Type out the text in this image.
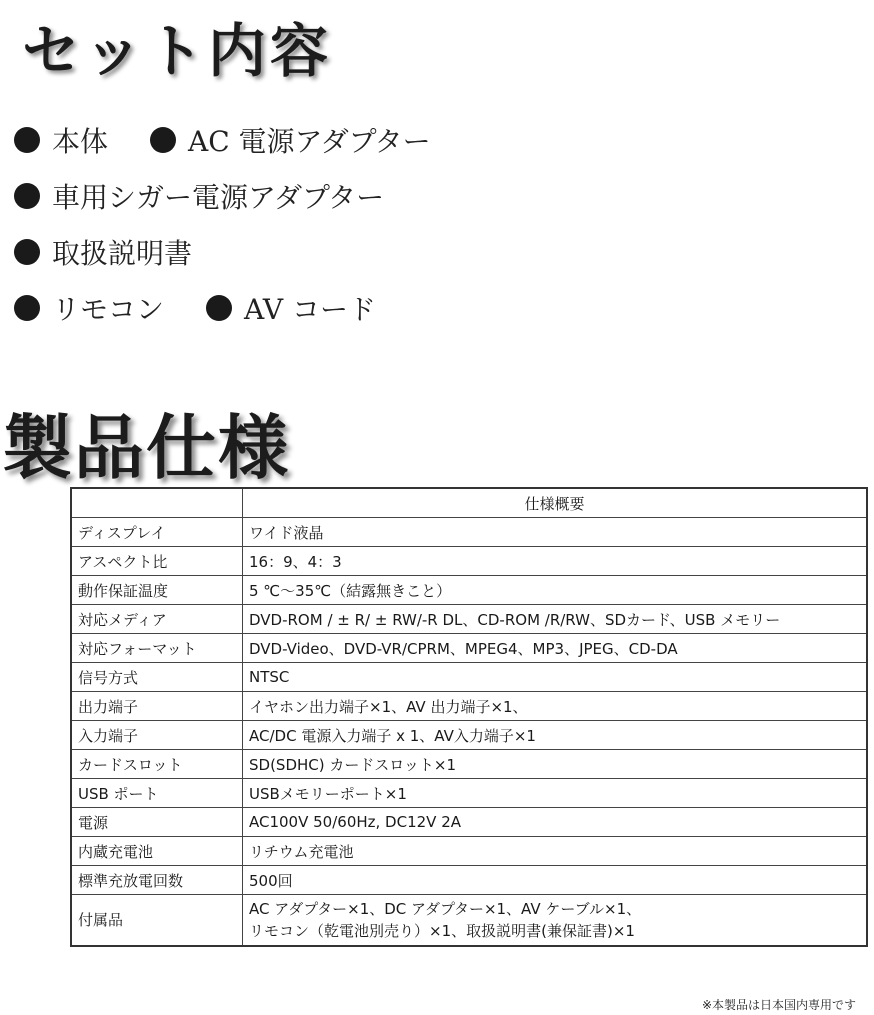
セット内容
本体	AC 電源アダプター
車用シガー電源アダプター
取扱説明書
リモコン	AV コード
製品仕様
	仕様概要
ディスプレイ	ワイド液晶
アスペクト比	16：9、4：3
動作保証温度	5 ℃〜35℃（結露無きこと）
対応メディア	DVD-ROM / ± R/ ± RW/-R DL、CD-ROM /R/RW、SDカード、USB メモリー
対応フォーマット	DVD-Video、DVD-VR/CPRM、MPEG4、MP3、JPEG、CD-DA
信号方式	NTSC
出力端子	イヤホン出力端子×1、AV 出力端子×1、
入力端子	AC/DC 電源入力端子 x 1、AV入力端子×1
カードスロット	SD(SDHC) カードスロット×1
USB ポート	USBメモリーポート×1
電源	AC100V 50/60Hz, DC12V 2A
内蔵充電池	リチウム充電池
標準充放電回数	500回
付属品	AC アダプター×1、DC アダプター×1、AV ケーブル×1、
リモコン（乾電池別売り）×1、取扱説明書(兼保証書)×1
※本製品は日本国内専用です
